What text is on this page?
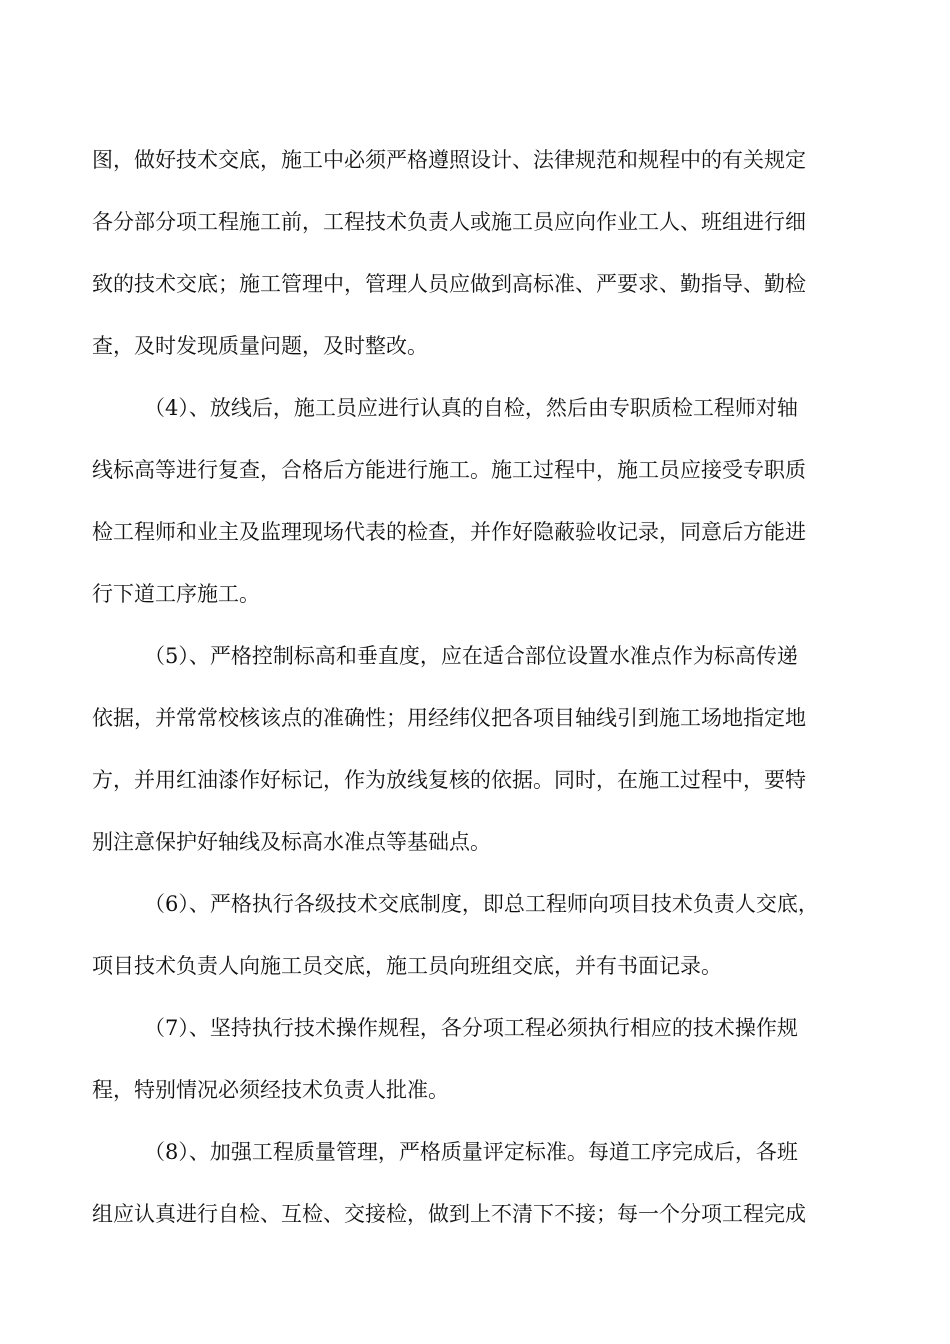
图，做好技术交底，施工中必须严格遵照设计、法律规范和规程中的有关规定
各分部分项工程施工前，工程技术负责人或施工员应向作业工人、班组进行细
致的技术交底；施工管理中，管理人员应做到高标准、严要求、勤指导、勤检
查，及时发现质量问题，及时整改。
（4）、放线后，施工员应进行认真的自检，然后由专职质检工程师对轴
线标高等进行复查，合格后方能进行施工。施工过程中，施工员应接受专职质
检工程师和业主及监理现场代表的检查，并作好隐蔽验收记录，同意后方能进
行下道工序施工。
（5）、严格控制标高和垂直度，应在适合部位设置水准点作为标高传递
依据，并常常校核该点的准确性；用经纬仪把各项目轴线引到施工场地指定地
方，并用红油漆作好标记，作为放线复核的依据。同时，在施工过程中，要特
别注意保护好轴线及标高水准点等基础点。
（6）、严格执行各级技术交底制度，即总工程师向项目技术负责人交底，
项目技术负责人向施工员交底，施工员向班组交底，并有书面记录。
（7）、坚持执行技术操作规程，各分项工程必须执行相应的技术操作规
程，特别情况必须经技术负责人批准。
（8）、加强工程质量管理，严格质量评定标准。每道工序完成后，各班
组应认真进行自检、互检、交接检，做到上不清下不接；每一个分项工程完成
